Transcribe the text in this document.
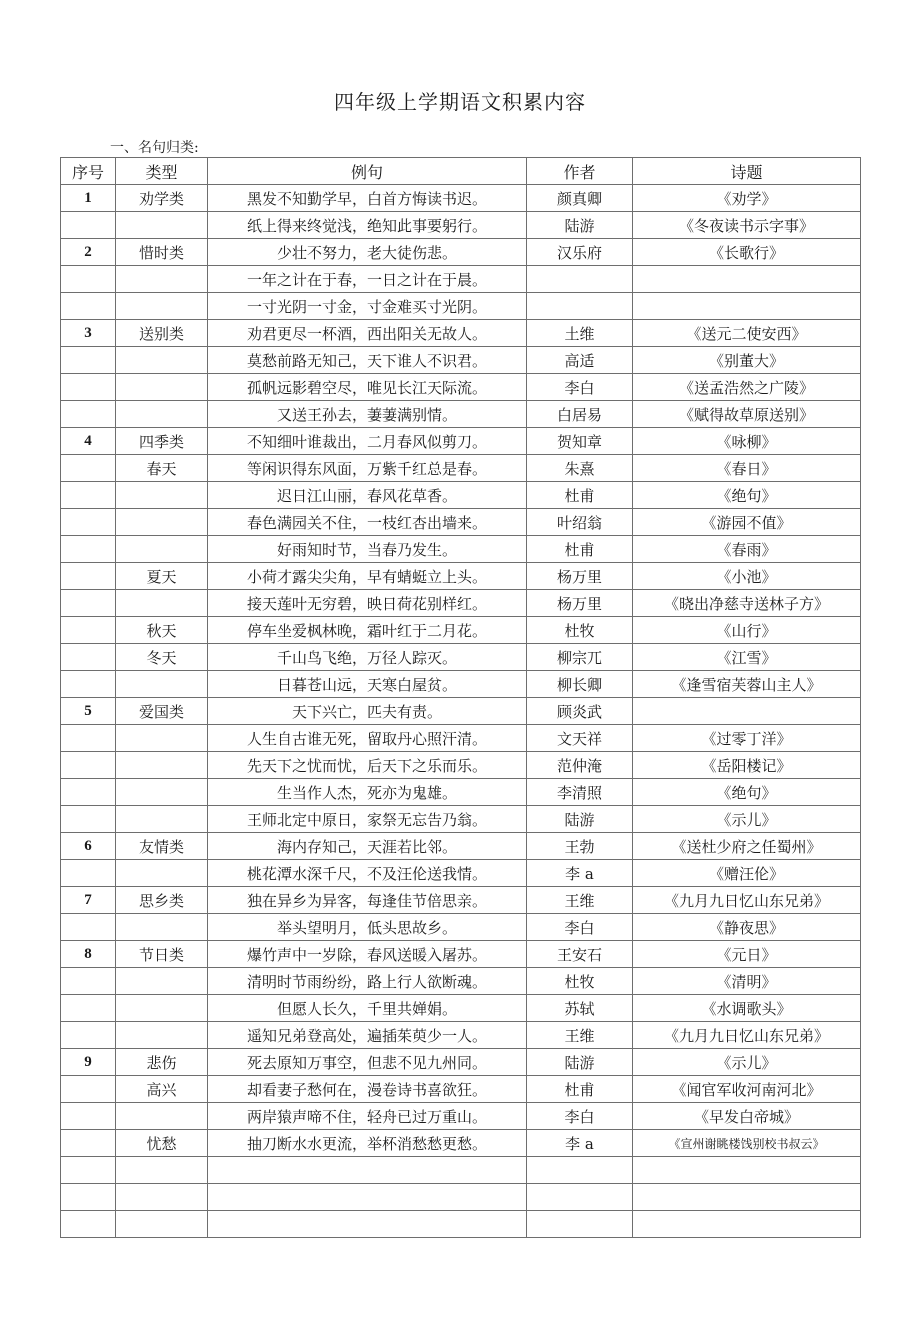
四年级上学期语文积累内容
一、名句归类:
序号	类型	例句	作者	诗题
1	劝学类	黑发不知勤学早，白首方悔读书迟。	颜真卿	《劝学》
		纸上得来终觉浅，绝知此事要躬行。	陆游	《冬夜读书示字事》
2	惜时类	少壮不努力，老大徒伤悲。	汉乐府	《长歌行》
		一年之计在于春，一日之计在于晨。		
		一寸光阴一寸金，寸金难买寸光阴。		
3	送别类	劝君更尽一杯酒，西出阳关无故人。	土维	《送元二使安西》
		莫愁前路无知己，天下谁人不识君。	高适	《别董大》
		孤帆远影碧空尽，唯见长江天际流。	李白	《送孟浩然之广陵》
		又送王孙去，萋萋满别情。	白居易	《赋得故草原送别》
4	四季类	不知细叶谁裁出，二月春风似剪刀。	贺知章	《咏柳》
	春天	等闲识得东风面，万紫千红总是春。	朱熹	《春日》
		迟日江山丽，春风花草香。	杜甫	《绝句》
		春色满园关不住，一枝红杏出墙来。	叶绍翁	《游园不值》
		好雨知时节，当春乃发生。	杜甫	《春雨》
	夏天	小荷才露尖尖角，早有蜻蜓立上头。	杨万里	《小池》
		接天莲叶无穷碧，映日荷花别样红。	杨万里	《晓出净慈寺送林子方》
	秋天	停车坐爱枫林晚，霜叶红于二月花。	杜牧	《山行》
	冬天	千山鸟飞绝，万径人踪灭。	柳宗兀	《江雪》
		日暮苍山远，天寒白屋贫。	柳长卿	《逢雪宿芙蓉山主人》
5	爱国类	天下兴亡，匹夫有责。	顾炎武	
		人生自古谁无死，留取丹心照汗清。	文天祥	《过零丁洋》
		先天下之忧而忧，后天下之乐而乐。	范仲淹	《岳阳楼记》
		生当作人杰，死亦为鬼雄。	李清照	《绝句》
		王师北定中原日，家祭无忘告乃翁。	陆游	《示儿》
6	友情类	海内存知己，天涯若比邻。	王勃	《送杜少府之任蜀州》
		桃花潭水深千尺，不及汪伦送我情。	李 a	《赠汪伦》
7	思乡类	独在异乡为异客，每逢佳节倍思亲。	王维	《九月九日忆山东兄弟》
		举头望明月，低头思故乡。	李白	《静夜思》
8	节日类	爆竹声中一岁除，春风送暖入屠苏。	王安石	《元日》
		清明时节雨纷纷，路上行人欲断魂。	杜牧	《清明》
		但愿人长久，千里共婵娟。	苏轼	《水调歌头》
		遥知兄弟登高处，遍插茱萸少一人。	王维	《九月九日忆山东兄弟》
9	悲伤	死去原知万事空，但悲不见九州同。	陆游	《示儿》
	高兴	却看妻子愁何在，漫卷诗书喜欲狂。	杜甫	《闻官军收河南河北》
		两岸猿声啼不住，轻舟已过万重山。	李白	《早发白帝城》
	忧愁	抽刀断水水更流，举杯消愁愁更愁。	李 a	《宣州谢眺楼饯别校书叔云》
